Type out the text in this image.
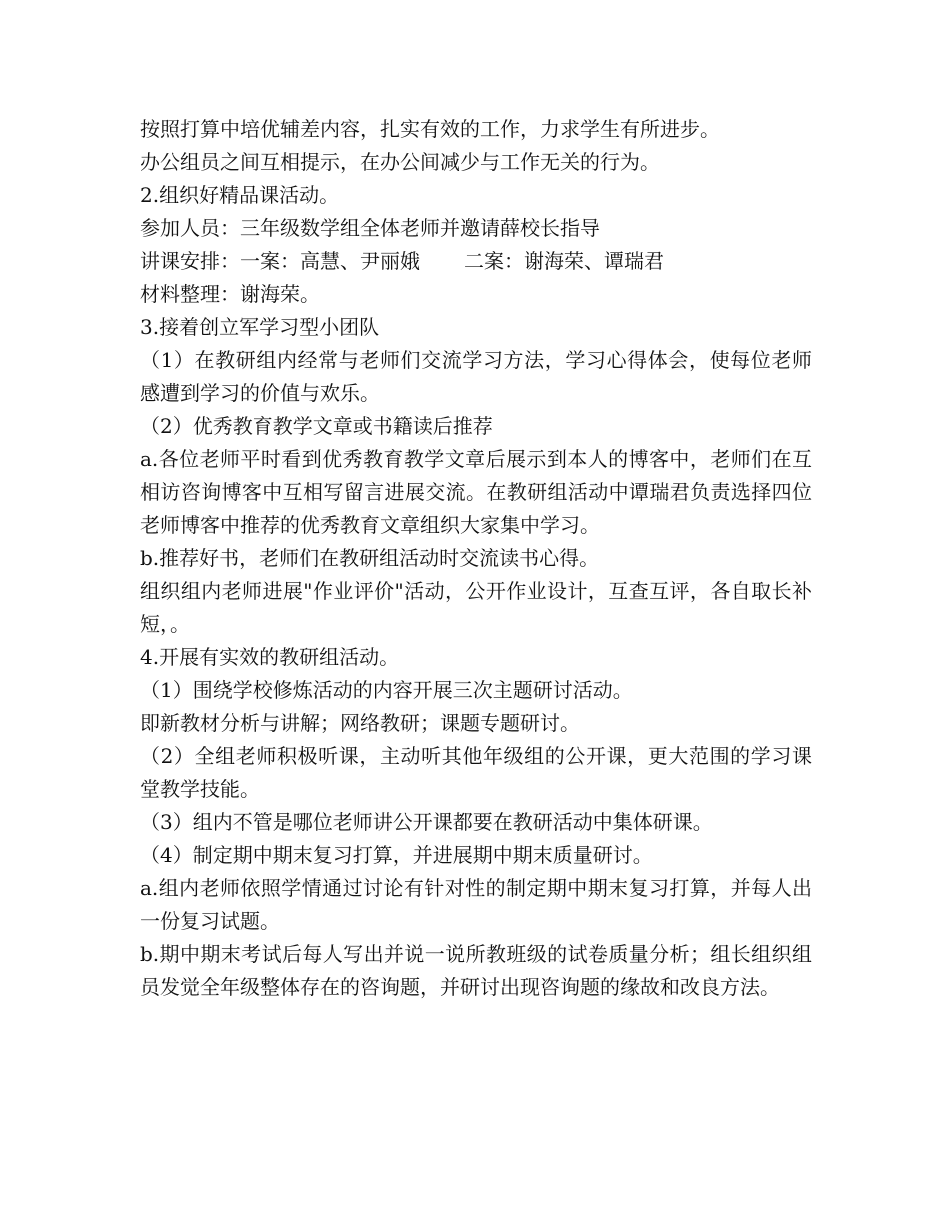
按照打算中培优辅差内容，扎实有效的工作，力求学生有所进步。

办公组员之间互相提示，在办公间减少与工作无关的行为。

2.组织好精品课活动。

参加人员：三年级数学组全体老师并邀请薛校长指导

讲课安排：一案：高慧、尹丽娥 二案：谢海荣、谭瑞君

材料整理：谢海荣。

3.接着创立军学习型小团队

（1）在教研组内经常与老师们交流学习方法，学习心得体会，使每位老师感遭到学习的价值与欢乐。

（2）优秀教育教学文章或书籍读后推荐

a.各位老师平时看到优秀教育教学文章后展示到本人的博客中，老师们在互相访咨询博客中互相写留言进展交流。在教研组活动中谭瑞君负责选择四位老师博客中推荐的优秀教育文章组织大家集中学习。

b.推荐好书，老师们在教研组活动时交流读书心得。

组织组内老师进展"作业评价"活动，公开作业设计，互查互评，各自取长补短，。

4.开展有实效的教研组活动。

（1）围绕学校修炼活动的内容开展三次主题研讨活动。

即新教材分析与讲解；网络教研；课题专题研讨。

（2）全组老师积极听课，主动听其他年级组的公开课，更大范围的学习课堂教学技能。

（3）组内不管是哪位老师讲公开课都要在教研活动中集体研课。

（4）制定期中期末复习打算，并进展期中期末质量研讨。

a.组内老师依照学情通过讨论有针对性的制定期中期末复习打算，并每人出一份复习试题。

b.期中期末考试后每人写出并说一说所教班级的试卷质量分析；组长组织组员发觉全年级整体存在的咨询题，并研讨出现咨询题的缘故和改良方法。
